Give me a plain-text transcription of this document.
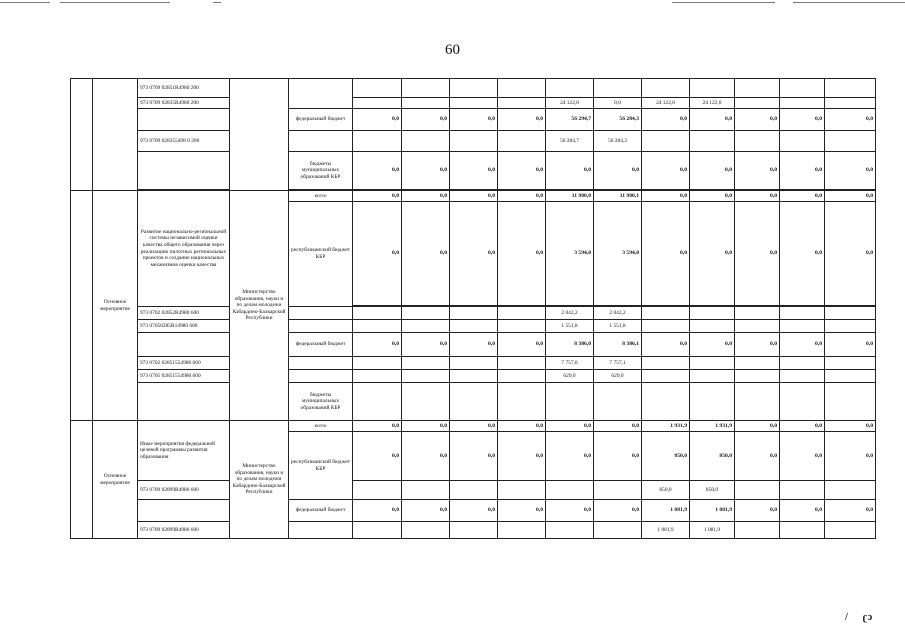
60
		973 0709 02851R4980 200													
		973 0709 02835R4980 200							24 122,0	0,0	24 122,0	24 122,0			
				федеральный бюджет	0,0	0,0	0,0	0,0	56 294,7	56 284,3	0,0	0,0	0,0	0,0	0,0
		973 0709 028355498 0 200							56 284,7	56 284,3					
				бюджеты муниципальных образований КБР	0,0	0,0	0,0	0,0	0,0	0,0	0,0	0,0	0,0	0,0	0,0

	Основное мероприятие	Развитие национально-региональной системы независимой оценки качества общего образования через реализацию пилотных региональных проектов и создание национальных механизмов оценки качества	Министерство образования, науки и по делам молодежи Кабардино-Балкарской Республики	всего	0,0	0,0	0,0	0,0	11 980,0	11 980,1	0,0	0,0	0,0	0,0	0,0
				республиканский бюджет КБР	0,0	0,0	0,0	0,0	3 594,0	3 594,0	0,0	0,0	0,0	0,0	0,0

		973 0702 02852R4980 600							2 042,2	2 042,2					
		973 07050285R14980 600							1 551,8	1 551,8					
				федеральный бюджет	0,0	0,0	0,0	0,0	8 386,0	8 386,1	0,0	0,0	0,0	0,0	0,0
		973 0702 02851554980 600							7 757,0	7 757,1					
		973 0705 02851554980 600							629,0	629,0					
				бюджеты муниципальных образований КБР											
	Основное мероприятие	Иные мероприятия федеральной целевой программы развития образования	Министерство образования, науки и по делам молодежи Кабардино-Балкарской Республики	всего	0,0	0,0	0,0	0,0	0,0	0,0	1 931,9	1 931,9	0,0	0,0	0,0
				республиканский бюджет КБР	0,0	0,0	0,0	0,0	0,0	0,0	850,0	850,0	0,0	0,0	0,0
		973 0709 02899R4980 600									850,0	850,0			
				федеральный бюджет	0,0	0,0	0,0	0,0	0,0	0,0	1 081,9	1 081,9	0,0	0,0	0,0
		973 0709 02899R4980 600									1 081,9	1 081,9			
/ ʗɔ
